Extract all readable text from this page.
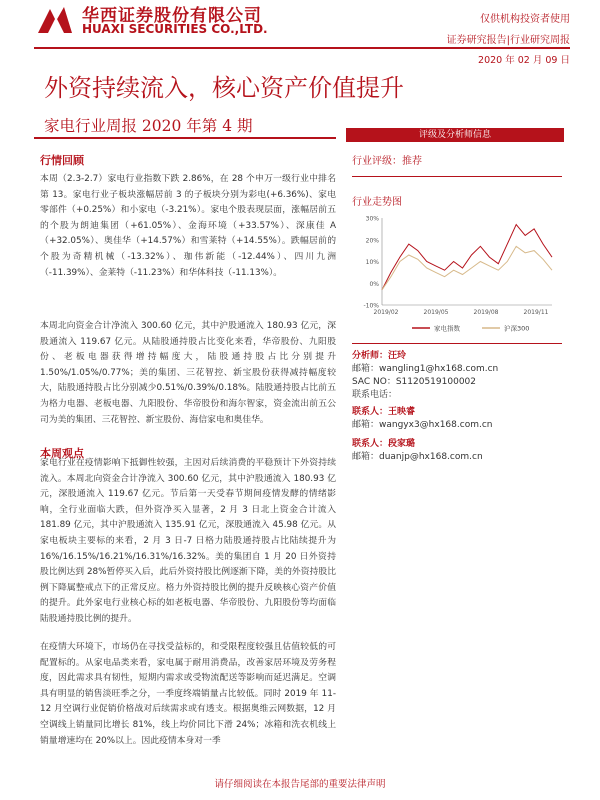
华西证券股份有限公司
HUAXI SECURITIES CO.,LTD.
仅供机构投资者使用
证券研究报告|行业研究周报
2020 年 02 月 09 日
外资持续流入，核心资产价值提升
家电行业周报 2020 年第 4 期
行情回顾
本周（2.3-2.7）家电行业指数下跌 2.86%，在 28 个申万一级行业中排名第 13。家电行业子板块涨幅居前 3 的子板块分别为彩电(+6.36%)、家电零部件（+0.25%）和小家电（-3.21%）。家电个股表现层面，涨幅居前五的个股为朗迪集团（+61.05%）、金海环境（+33.57%）、深康佳 A（+32.05%）、奥佳华（+14.57%）和雪莱特（+14.55%）。跌幅居前的个股为奇精机械（-13.32%）、珈伟新能（-12.44%）、四川九洲（-11.39%）、金莱特（-11.23%）和华体科技（-11.13%）。
本周北向资金合计净流入 300.60 亿元，其中沪股通流入 180.93 亿元，深股通流入 119.67 亿元。从陆股通持股占比变化来看，华帝股份、九阳股份、老板电器获得增持幅度大，陆股通持股占比分别提升 1.50%/1.05%/0.77%；美的集团、三花智控、新宝股份获得减持幅度较大，陆股通持股占比分别减少0.51%/0.39%/0.18%。陆股通持股占比前五为格力电器、老板电器、九阳股份、华帝股份和海尔智家，资金流出前五公司为美的集团、三花智控、新宝股份、海信家电和奥佳华。
本周观点
家电行业在疫情影响下抵御性较强，主因对后续消费的平稳预计下外资持续流入。本周北向资金合计净流入 300.60 亿元，其中沪股通流入 180.93 亿元，深股通流入 119.67 亿元。节后第一天受春节期间疫情发酵的情绪影响，全行业面临大跌，但外资净买入显著，2 月 3 日北上资金合计流入 181.89 亿元，其中沪股通流入 135.91 亿元，深股通流入 45.98 亿元。从家电板块主要标的来看，2 月 3 日-7 日格力陆股通持股占比陆续提升为 16%/16.15%/16.21%/16.31%/16.32%。美的集团自 1 月 20 日外资持股比例达到 28%暂停买入后，此后外资持股比例逐渐下降，美的外资持股比例下降属整戒点下的正常反应。格力外资持股比例的提升反映核心资产价值的提升。此外家电行业核心标的如老板电器、华帝股份、九阳股份等均面临陆股通持股比例的提升。
在疫情大环境下，市场仍在寻找受益标的，和受限程度较强且估值较低的可配置标的。从家电品类来看，家电属于耐用消费品，改善家居环境及劳务程度，因此需求具有韧性，短期内需求或受物流配送等影响而延迟满足。空调具有明显的销售淡旺季之分，一季度终端销量占比较低。同时 2019 年 11-12 月空调行业促销价格战对后续需求或有透支。根据奥维云网数据，12 月空调线上销量同比增长 81%，线上均价同比下滑 24%；冰箱和洗衣机线上销量增速均在 20%以上。因此疫情本身对一季
评级及分析师信息
行业评级：推荐
行业走势图
-10%
0%
10%
20%
30%
2019/02	2019/05	2019/08	2019/11
家电指数	沪深300
分析师：汪玲
邮箱：wangling1@hx168.com.cn
SAC NO：S1120519100002
联系电话：
联系人：王映睿
邮箱：wangyx3@hx168.com.cn
联系人：段家璐
邮箱：duanjp@hx168.com.cn
请仔细阅读在本报告尾部的重要法律声明
